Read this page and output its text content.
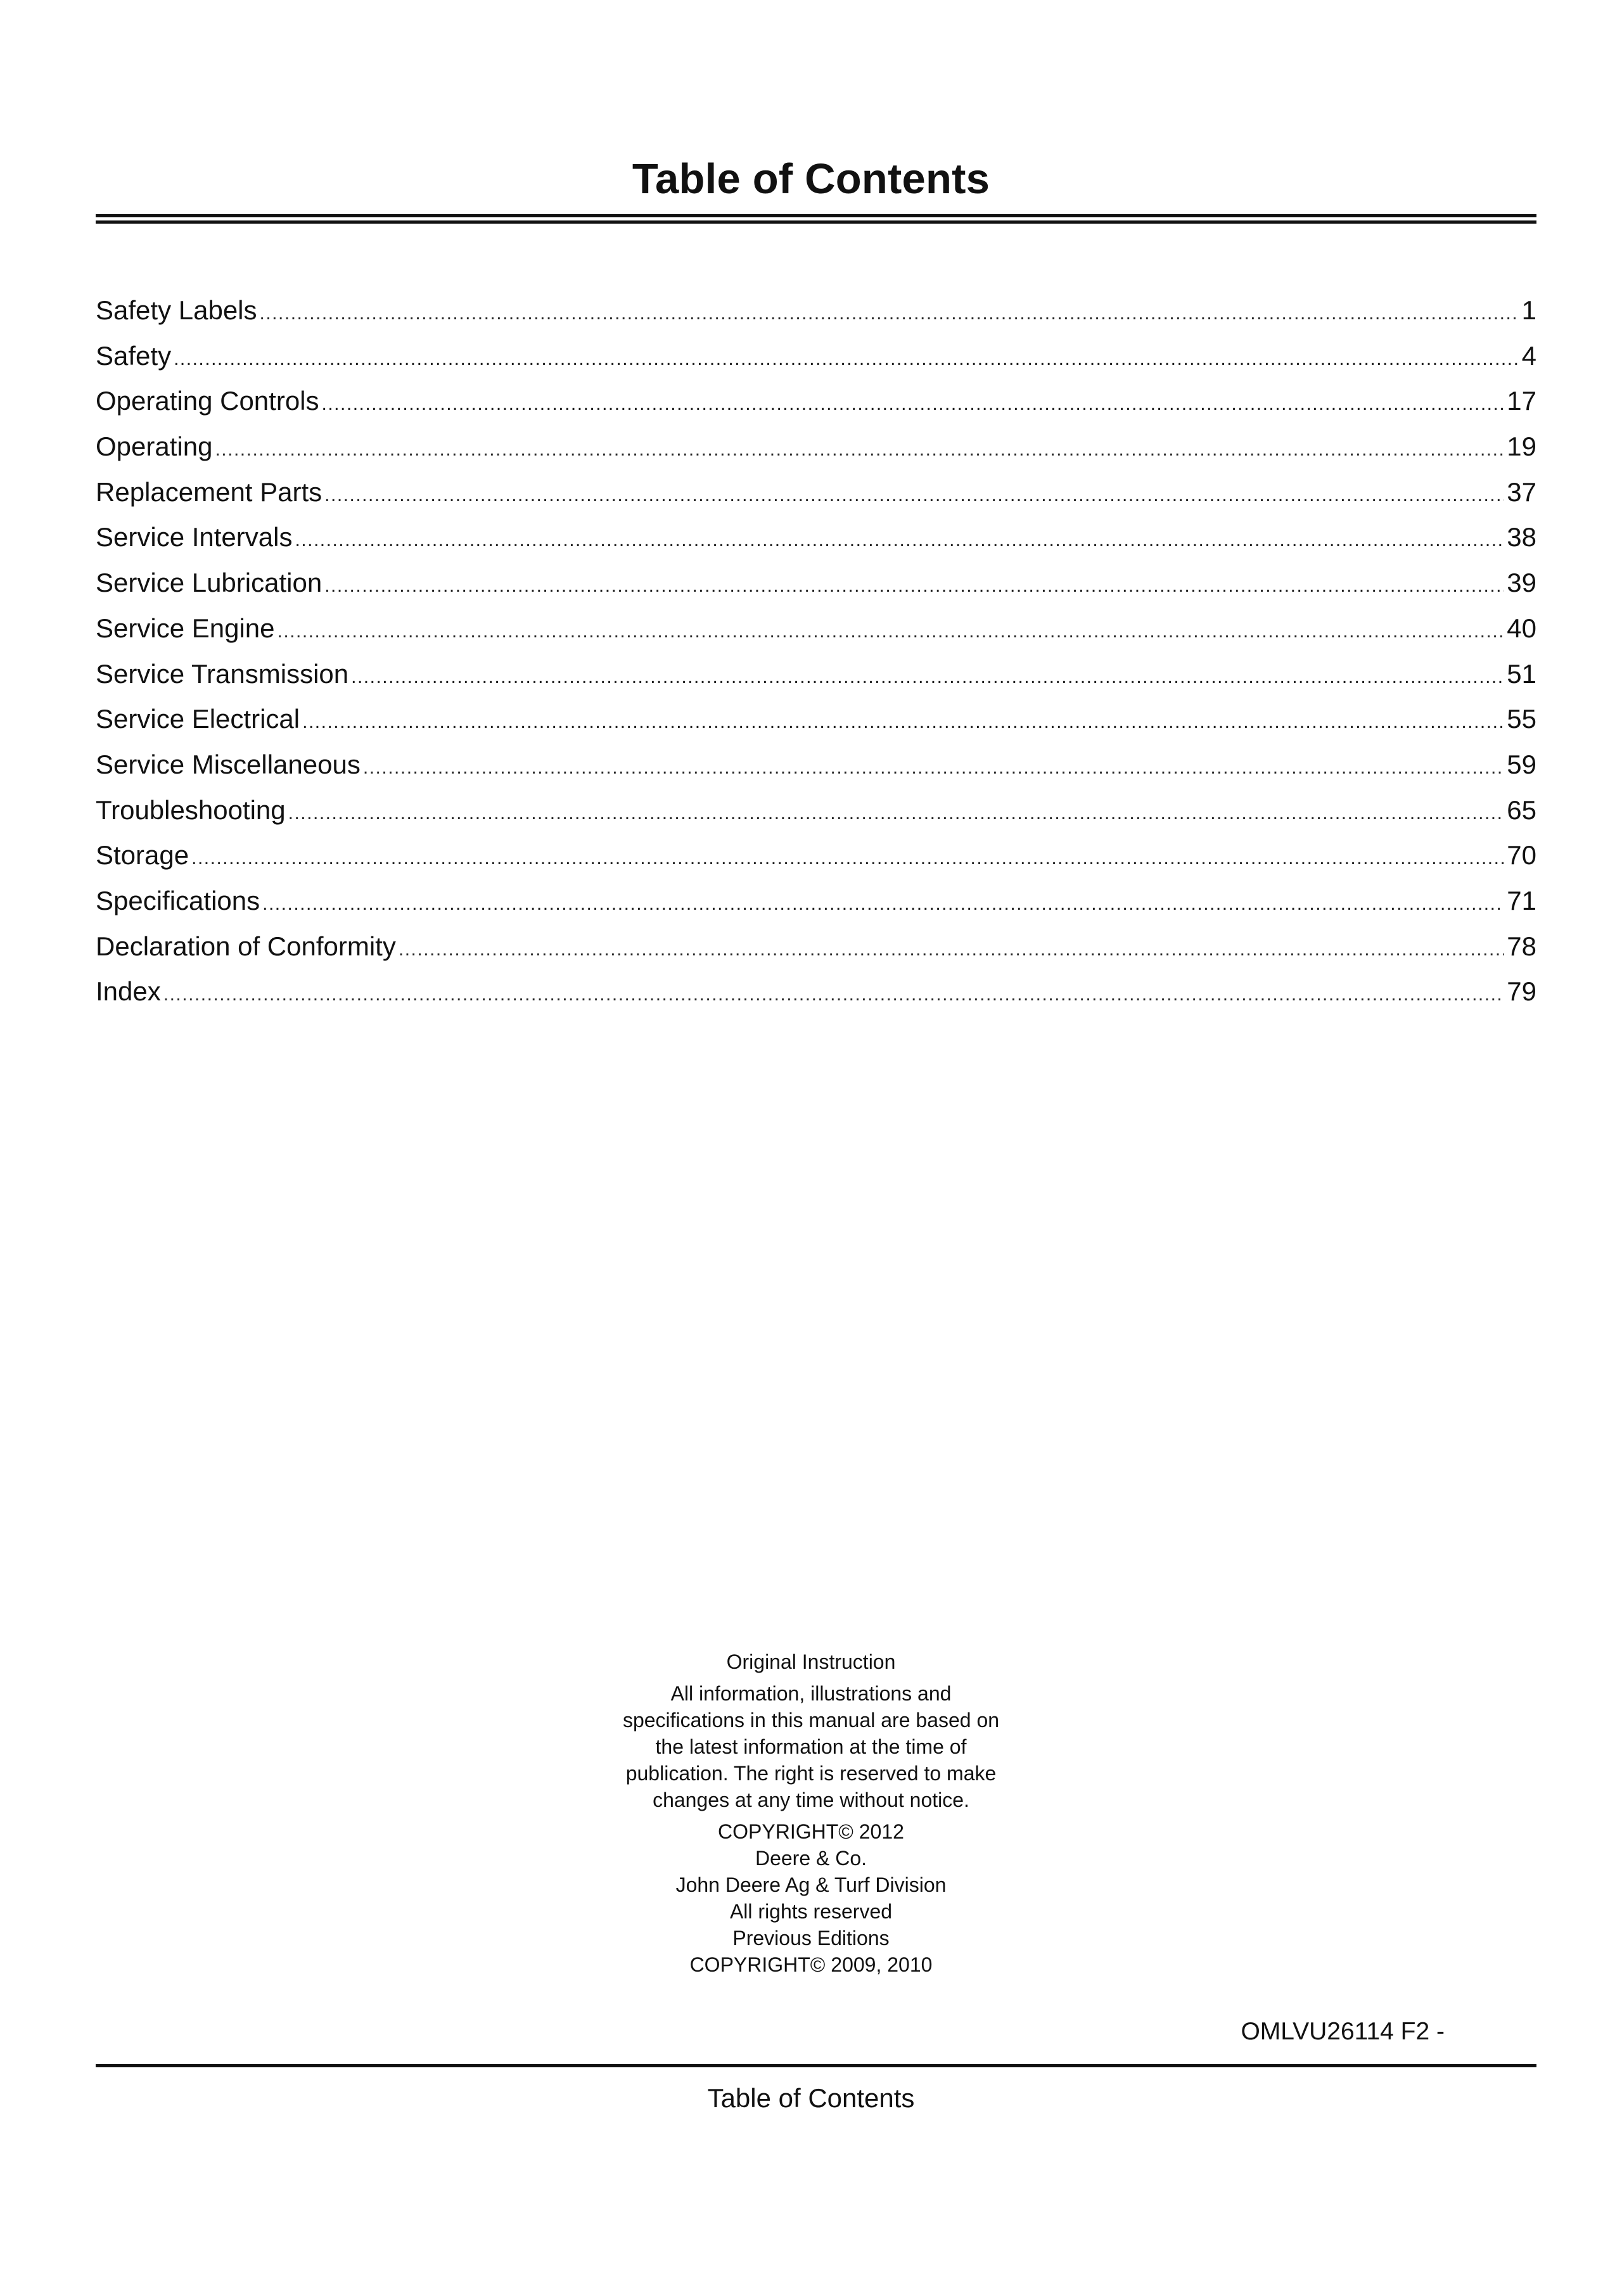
Table of Contents
Safety Labels .....	1
Safety .....	4
Operating Controls .....	17
Operating .....	19
Replacement Parts .....	37
Service Intervals .....	38
Service Lubrication .....	39
Service Engine .....	40
Service Transmission .....	51
Service Electrical .....	55
Service Miscellaneous .....	59
Troubleshooting .....	65
Storage .....	70
Specifications .....	71
Declaration of Conformity .....	78
Index .....	79

Original Instruction

All information, illustrations and specifications in this manual are based on the latest information at the time of publication. The right is reserved to make changes at any time without notice.

COPYRIGHT© 2012

Deere & Co.

John Deere Ag & Turf Division

All rights reserved

Previous Editions

COPYRIGHT© 2009, 2010

OMLVU26114 F2 -
Table of Contents
